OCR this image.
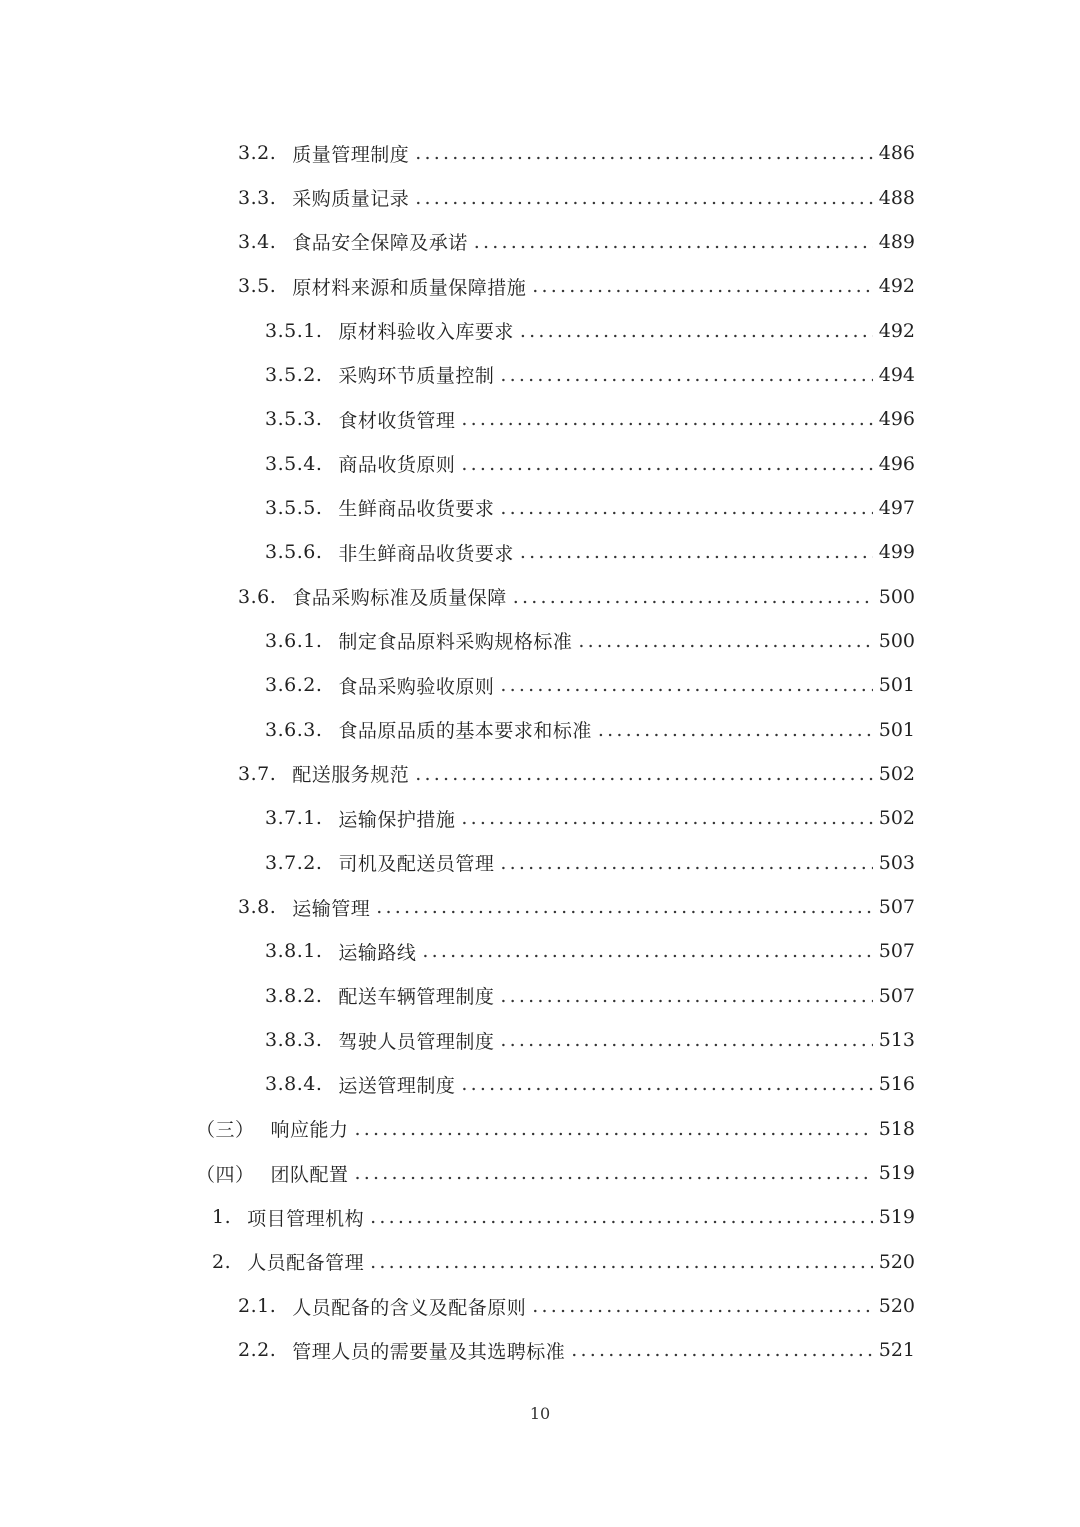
3.2. 质量管理制度 .....	486
3.3. 采购质量记录 .....	488
3.4. 食品安全保障及承诺 .....	489
3.5. 原材料来源和质量保障措施 .....	492
3.5.1. 原材料验收入库要求 .....	492
3.5.2. 采购环节质量控制 .....	494
3.5.3. 食材收货管理 .....	496
3.5.4. 商品收货原则 .....	496
3.5.5. 生鲜商品收货要求 .....	497
3.5.6. 非生鲜商品收货要求 .....	499
3.6. 食品采购标准及质量保障 .....	500
3.6.1. 制定食品原料采购规格标准 .....	500
3.6.2. 食品采购验收原则 .....	501
3.6.3. 食品原品质的基本要求和标准 .....	501
3.7. 配送服务规范 .....	502
3.7.1. 运输保护措施 .....	502
3.7.2. 司机及配送员管理 .....	503
3.8. 运输管理 .....	507
3.8.1. 运输路线 .....	507
3.8.2. 配送车辆管理制度 .....	507
3.8.3. 驾驶人员管理制度 .....	513
3.8.4. 运送管理制度 .....	516
（三） 响应能力 .....	518
（四） 团队配置 .....	519
1. 项目管理机构 .....	519
2. 人员配备管理 .....	520
2.1. 人员配备的含义及配备原则 .....	520
2.2. 管理人员的需要量及其选聘标准 .....	521
10
